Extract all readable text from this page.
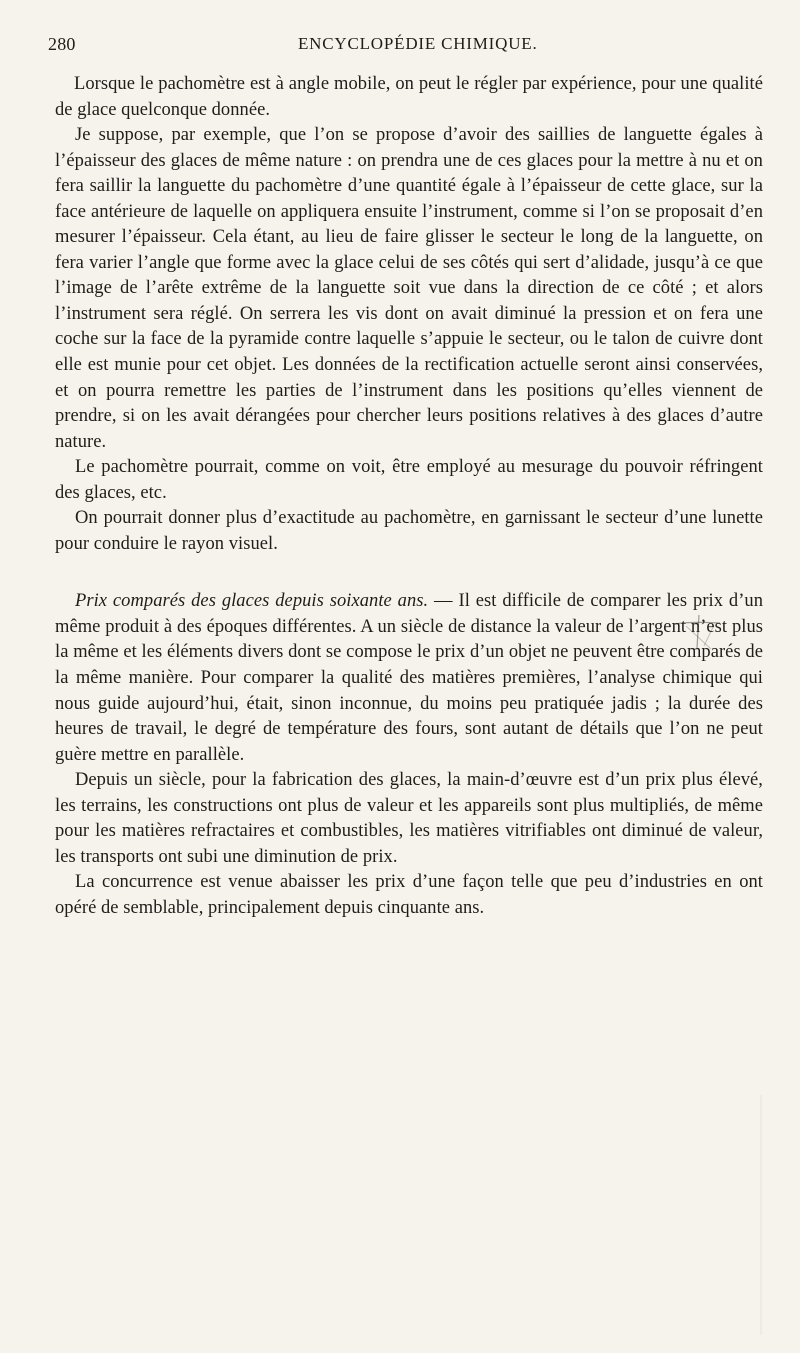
280	ENCYCLOPÉDIE CHIMIQUE.

Lorsque le pachomètre est à angle mobile, on peut le régler par expérience, pour une qualité de glace quelconque donnée.

Je suppose, par exemple, que l’on se propose d’avoir des saillies de languette égales à l’épaisseur des glaces de même nature : on prendra une de ces glaces pour la mettre à nu et on fera saillir la languette du pachomètre d’une quantité égale à l’épaisseur de cette glace, sur la face antérieure de laquelle on appliquera ensuite l’instrument, comme si l’on se proposait d’en mesurer l’épaisseur. Cela étant, au lieu de faire glisser le secteur le long de la languette, on fera varier l’angle que forme avec la glace celui de ses côtés qui sert d’alidade, jusqu’à ce que l’image de l’arête extrême de la languette soit vue dans la direction de ce côté ; et alors l’instrument sera réglé. On serrera les vis dont on avait diminué la pression et on fera une coche sur la face de la pyramide contre laquelle s’appuie le secteur, ou le talon de cuivre dont elle est munie pour cet objet. Les données de la rectification actuelle seront ainsi conservées, et on pourra remettre les parties de l’instrument dans les positions qu’elles viennent de prendre, si on les avait dérangées pour chercher leurs positions relatives à des glaces d’autre nature.

Le pachomètre pourrait, comme on voit, être employé au mesurage du pouvoir réfringent des glaces, etc.

On pourrait donner plus d’exactitude au pachomètre, en garnissant le secteur d’une lunette pour conduire le rayon visuel.

Prix comparés des glaces depuis soixante ans. — Il est difficile de comparer les prix d’un même produit à des époques différentes. A un siècle de distance la valeur de l’argent n’est plus la même et les éléments divers dont se compose le prix d’un objet ne peuvent être comparés de la même manière. Pour comparer la qualité des matières premières, l’analyse chimique qui nous guide aujourd’hui, était, sinon inconnue, du moins peu pratiquée jadis ; la durée des heures de travail, le degré de température des fours, sont autant de détails que l’on ne peut guère mettre en parallèle.

Depuis un siècle, pour la fabrication des glaces, la main-d’œuvre est d’un prix plus élevé, les terrains, les constructions ont plus de valeur et les appareils sont plus multipliés, de même pour les matières refractaires et combustibles, les matières vitrifiables ont diminué de valeur, les transports ont subi une diminution de prix.

La concurrence est venue abaisser les prix d’une façon telle que peu d’industries en ont opéré de semblable, principalement depuis cinquante ans.
